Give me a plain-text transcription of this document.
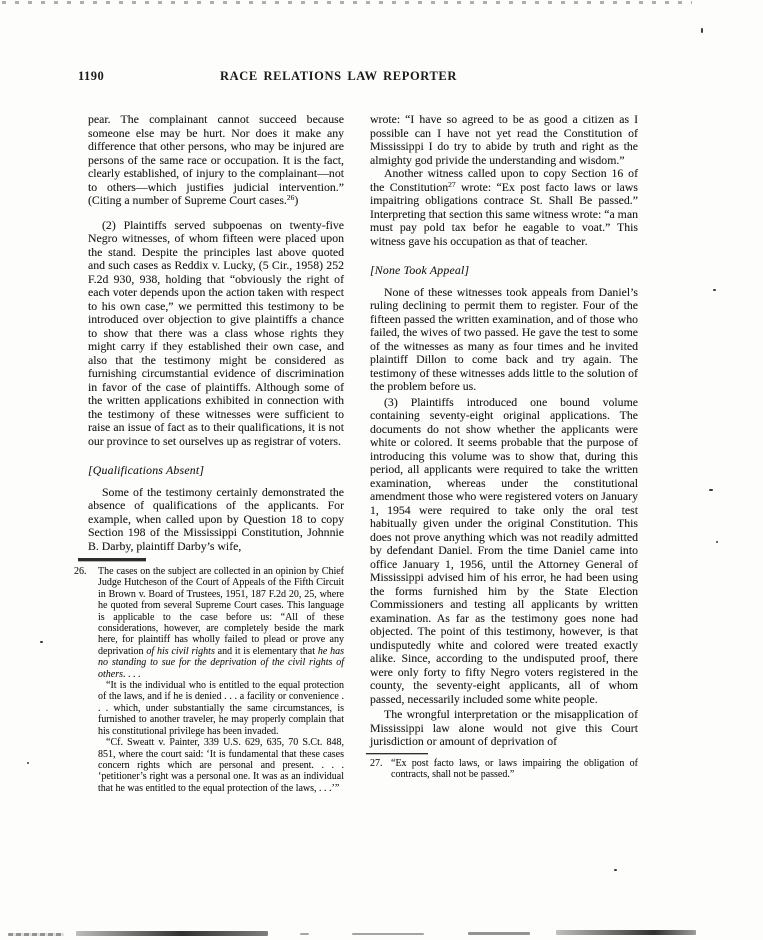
1190	RACE RELATIONS LAW REPORTER

pear. The complainant cannot succeed because someone else may be hurt. Nor does it make any difference that other persons, who may be injured are persons of the same race or occupation. It is the fact, clearly established, of injury to the complainant—not to others—which justifies judicial intervention.” (Citing a number of Supreme Court cases.$^{26}$)

(2) Plaintiffs served subpoenas on twenty-five Negro witnesses, of whom fifteen were placed upon the stand. Despite the principles last above quoted and such cases as Reddix v. Lucky, (5 Cir., 1958) 252 F.2d 930, 938, holding that “obviously the right of each voter depends upon the action taken with respect to his own case,” we permitted this testimony to be introduced over objection to give plaintiffs a chance to show that there was a class whose rights they might carry if they established their own case, and also that the testimony might be considered as furnishing circumstantial evidence of discrimination in favor of the case of plaintiffs. Although some of the written applications exhibited in connection with the testimony of these witnesses were sufficient to raise an issue of fact as to their qualifications, it is not our province to set ourselves up as registrar of voters.

[Qualifications Absent]

Some of the testimony certainly demonstrated the absence of qualifications of the applicants. For example, when called upon by Question 18 to copy Section 198 of the Mississippi Constitution, Johnnie B. Darby, plaintiff Darby’s wife,

26. The cases on the subject are collected in an opinion by Chief Judge Hutcheson of the Court of Appeals of the Fifth Circuit in Brown v. Board of Trustees, 1951, 187 F.2d 20, 25, where he quoted from several Supreme Court cases. This language is applicable to the case before us: “All of these considerations, however, are completely beside the mark here, for plaintiff has wholly failed to plead or prove any deprivation of his civil rights and it is elementary that he has no standing to sue for the deprivation of the civil rights of others. . . .

“It is the individual who is entitled to the equal protection of the laws, and if he is denied . . . a facility or convenience . . . which, under substantially the same circumstances, is furnished to another traveler, he may properly complain that his constitutional privilege has been invaded.

“Cf. Sweatt v. Painter, 339 U.S. 629, 635, 70 S.Ct. 848, 851, where the court said: ‘It is fundamental that these cases concern rights which are personal and present. . . . ‘petitioner’s right was a personal one. It was as an individual that he was entitled to the equal protection of the laws, . . .’”

wrote: “I have so agreed to be as good a citizen as I possible can I have not yet read the Constitution of Mississippi I do try to abide by truth and right as the almighty god privide the understanding and wisdom.”

Another witness called upon to copy Section 16 of the Constitution$^{27}$ wrote: “Ex post facto laws or laws impaitring obligations contrace St. Shall Be passed.” Interpreting that section this same witness wrote: “a man must pay pold tax befor he eagable to voat.” This witness gave his occupation as that of teacher.

[None Took Appeal]

None of these witnesses took appeals from Daniel’s ruling declining to permit them to register. Four of the fifteen passed the written examination, and of those who failed, the wives of two passed. He gave the test to some of the witnesses as many as four times and he invited plaintiff Dillon to come back and try again. The testimony of these witnesses adds little to the solution of the problem before us.

(3) Plaintiffs introduced one bound volume containing seventy-eight original applications. The documents do not show whether the applicants were white or colored. It seems probable that the purpose of introducing this volume was to show that, during this period, all applicants were required to take the written examination, whereas under the constitutional amendment those who were registered voters on January 1, 1954 were required to take only the oral test habitually given under the original Constitution. This does not prove anything which was not readily admitted by defendant Daniel. From the time Daniel came into office January 1, 1956, until the Attorney General of Mississippi advised him of his error, he had been using the forms furnished him by the State Election Commissioners and testing all applicants by written examination. As far as the testimony goes none had objected. The point of this testimony, however, is that undisputedly white and colored were treated exactly alike. Since, according to the undisputed proof, there were only forty to fifty Negro voters registered in the county, the seventy-eight applicants, all of whom passed, necessarily included some white people.

The wrongful interpretation or the misapplication of Mississippi law alone would not give this Court jurisdiction or amount of deprivation of

27. “Ex post facto laws, or laws impairing the obligation of contracts, shall not be passed.”
